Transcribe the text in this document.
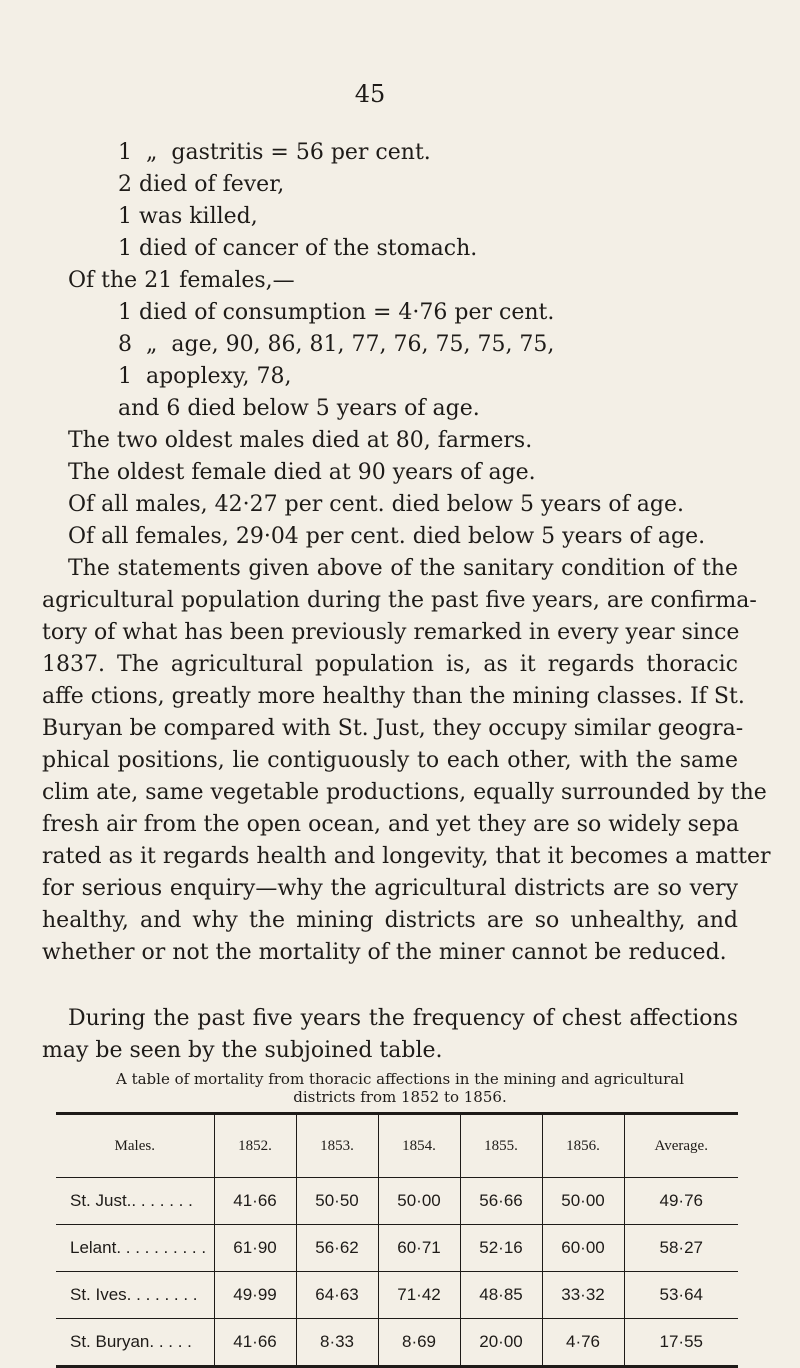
45
1  „  gastritis = 56 per cent.
2 died of fever,
1 was killed,
1 died of cancer of the stomach.
Of the 21 females,—
1 died of consumption = 4·76 per cent.
8  „  age, 90, 86, 81, 77, 76, 75, 75, 75,
1  apoplexy, 78,
and 6 died below 5 years of age.
The two oldest males died at 80, farmers.
The oldest female died at 90 years of age.
Of all males, 42·27 per cent. died below 5 years of age.
Of all females, 29·04 per cent. died below 5 years of age.
The statements given above of the sanitary condition of the
agricultural population during the past five years, are confirma-
tory of what has been previously remarked in every year since
1837. The agricultural population is, as it regards thoracic
affe ctions, greatly more healthy than the mining classes. If St.
Buryan be compared with St. Just, they occupy similar geogra-
phical positions, lie contiguously to each other, with the same
clim ate, same vegetable productions, equally surrounded by the
fresh air from the open ocean, and yet they are so widely sepa
rated as it regards health and longevity, that it becomes a matter
for serious enquiry—why the agricultural districts are so very
healthy, and why the mining districts are so unhealthy, and
whether or not the mortality of the miner cannot be reduced.
During the past five years the frequency of chest affections
may be seen by the subjoined table.
A table of mortality from thoracic affections in the mining and agricultural
districts from 1852 to 1856.
Males.	1852.	1853.	1854.	1855.	1856.	Average.
St. Just.. . . . . . .	41·66	50·50	50·00	56·66	50·00	49·76
Lelant. . . . . . . . . .	61·90	56·62	60·71	52·16	60·00	58·27
St. Ives. . . . . . . .	49·99	64·63	71·42	48·85	33·32	53·64
St. Buryan. . . . .	41·66	8·33	8·69	20·00	4·76	17·55
